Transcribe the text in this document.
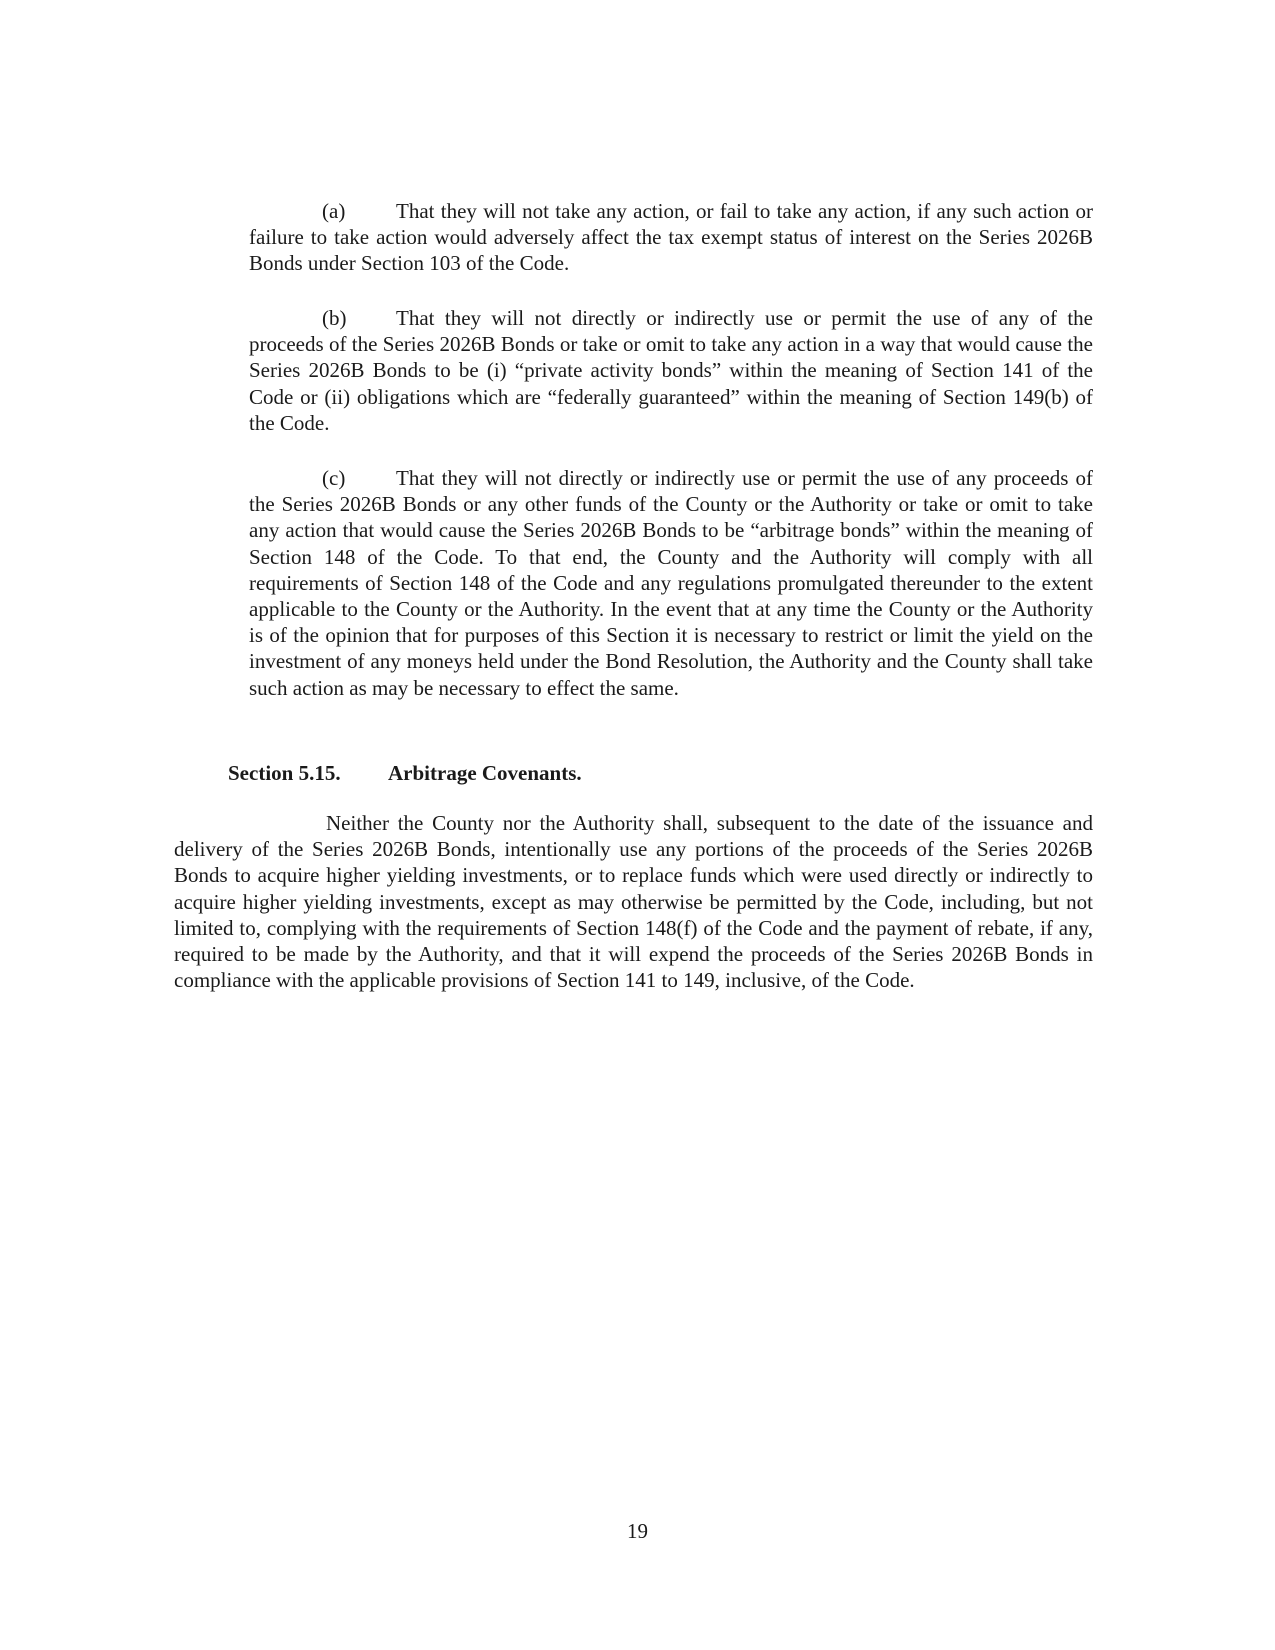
(a) That they will not take any action, or fail to take any action, if any such action or failure to take action would adversely affect the tax exempt status of interest on the Series 2026B Bonds under Section 103 of the Code.

(b) That they will not directly or indirectly use or permit the use of any of the proceeds of the Series 2026B Bonds or take or omit to take any action in a way that would cause the Series 2026B Bonds to be (i) “private activity bonds” within the meaning of Section 141 of the Code or (ii) obligations which are “federally guaranteed” within the meaning of Section 149(b) of the Code.

(c) That they will not directly or indirectly use or permit the use of any proceeds of the Series 2026B Bonds or any other funds of the County or the Authority or take or omit to take any action that would cause the Series 2026B Bonds to be “arbitrage bonds” within the meaning of Section 148 of the Code. To that end, the County and the Authority will comply with all requirements of Section 148 of the Code and any regulations promulgated thereunder to the extent applicable to the County or the Authority. In the event that at any time the County or the Authority is of the opinion that for purposes of this Section it is necessary to restrict or limit the yield on the investment of any moneys held under the Bond Resolution, the Authority and the County shall take such action as may be necessary to effect the same.

Section 5.15. Arbitrage Covenants.

Neither the County nor the Authority shall, subsequent to the date of the issuance and delivery of the Series 2026B Bonds, intentionally use any portions of the proceeds of the Series 2026B Bonds to acquire higher yielding investments, or to replace funds which were used directly or indirectly to acquire higher yielding investments, except as may otherwise be permitted by the Code, including, but not limited to, complying with the requirements of Section 148(f) of the Code and the payment of rebate, if any, required to be made by the Authority, and that it will expend the proceeds of the Series 2026B Bonds in compliance with the applicable provisions of Section 141 to 149, inclusive, of the Code.

19
